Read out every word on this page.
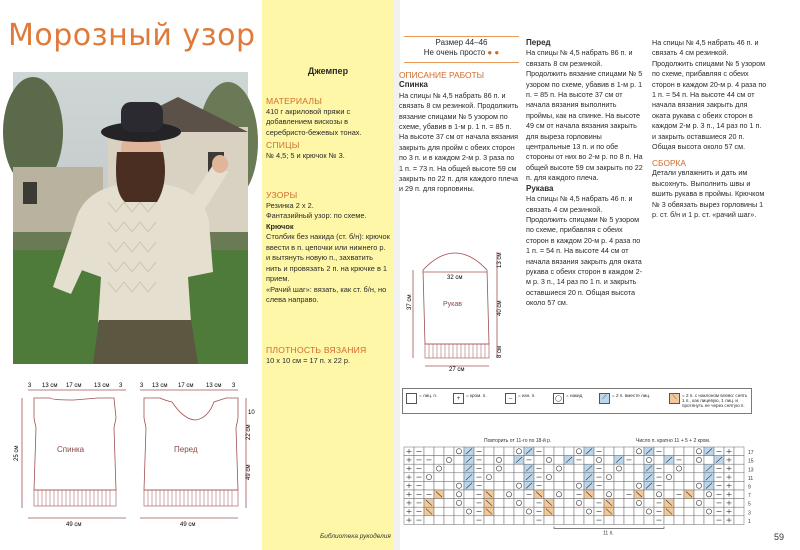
Морозный узор
3 13 см 17 см 13 см 3
25 см	Спинка
49 см
3 13 см 17 см 13 см 3
10
22 см
49 см
Перед
49 см
Джемпер
МАТЕРИАЛЫ
410 г акриловой пряжи с добавлением вискозы в серебристо-бежевых тонах.
СПИЦЫ
№ 4,5; 5 и крючок № 3.
УЗОРЫ
Резинка 2 х 2.
Фантазийный узор: по схеме.
Крючок
Столбик без накида (ст. б/н): крючок ввести в п. цепочки или нижнего р. и вытянуть новую п., захватить нить и провязать 2 п. на крючке в 1 прием.
«Рачий шаг»: вязать, как ст. б/н, но слева направо.
ПЛОТНОСТЬ ВЯЗАНИЯ
10 х 10 см = 17 п. х 22 р.
Размер 44–46
Не очень просто ● ●
ОПИСАНИЕ РАБОТЫ
Спинка
На спицы № 4,5 набрать 86 п. и связать 8 см резинкой. Продолжить вязание спицами № 5 узором по схеме, убавив в 1-м р. 1 п. = 85 п. На высоте 37 см от начала вязания закрыть для пройм с обеих сторон по 3 п. и в каждом 2-м р. 3 раза по 1 п. = 73 п. На общей высоте 59 см закрыть по 22 п. для каждого плеча и 29 п. для горловины.
Перед
На спицы № 4,5 набрать 86 п. и связать 8 см резинкой. Продолжить вязание спицами № 5 узором по схеме, убавив в 1-м р. 1 п. = 85 п. На высоте 37 см от начала вязания выполнить проймы, как на спинке. На высоте 49 см от начала вязания закрыть для выреза горловины центральные 13 п. и по обе стороны от них во 2-м р. по 8 п. На общей высоте 59 см закрыть по 22 п. для каждого плеча.
Рукава
На спицы № 4,5 набрать 46 п. и связать 4 см резинкой. Продолжить спицами № 5 узором по схеме, прибавляя с обеих сторон в каждом 20-м р. 4 раза по 1 п. = 54 п. На высоте 44 см от начала вязания закрыть для оката рукава с обеих сторон в каждом 2-м р. 3 п., 14 раз по 1 п. и закрыть оставшиеся 20 п. Общая высота около 57 см.
На спицы № 4,5 набрать 46 п. и связать 4 см резинкой. Продолжить спицами № 5 узором по схеме, прибавляя с обеих сторон в каждом 20-м р. 4 раза по 1 п. = 54 п. На высоте 44 см от начала вязания закрыть для оката рукава с обеих сторон в каждом 2-м р. 3 п., 14 раз по 1 п. и закрыть оставшиеся 20 п. Общая высота около 57 см.
СБОРКА
Детали увлажнить и дать им высохнуть. Выполнить швы и вшить рукава в проймы. Крючком № 3 обвязать вырез горловины 1 р. ст. б/н и 1 р. ст. «рачий шаг».
32 см
37 см
13 см
40 см
8 см
27 см
Рукав
= лиц. п.	+	= кром. п.	–	= изн. п.
◯
= накид	⟋	= 2 п. вместе лиц.	⟍	= 2 п. с наклоном влево: снять 1 п., как лицевую, 1 лиц. и протянуть ее через снятую п.
Повторить от 11-го по 18-й р.	Число п. кратно 11 + 5 + 2 кром.
17
15
13
11
9
7
5
3
1
11 п.
Библиотека рукоделия	59
